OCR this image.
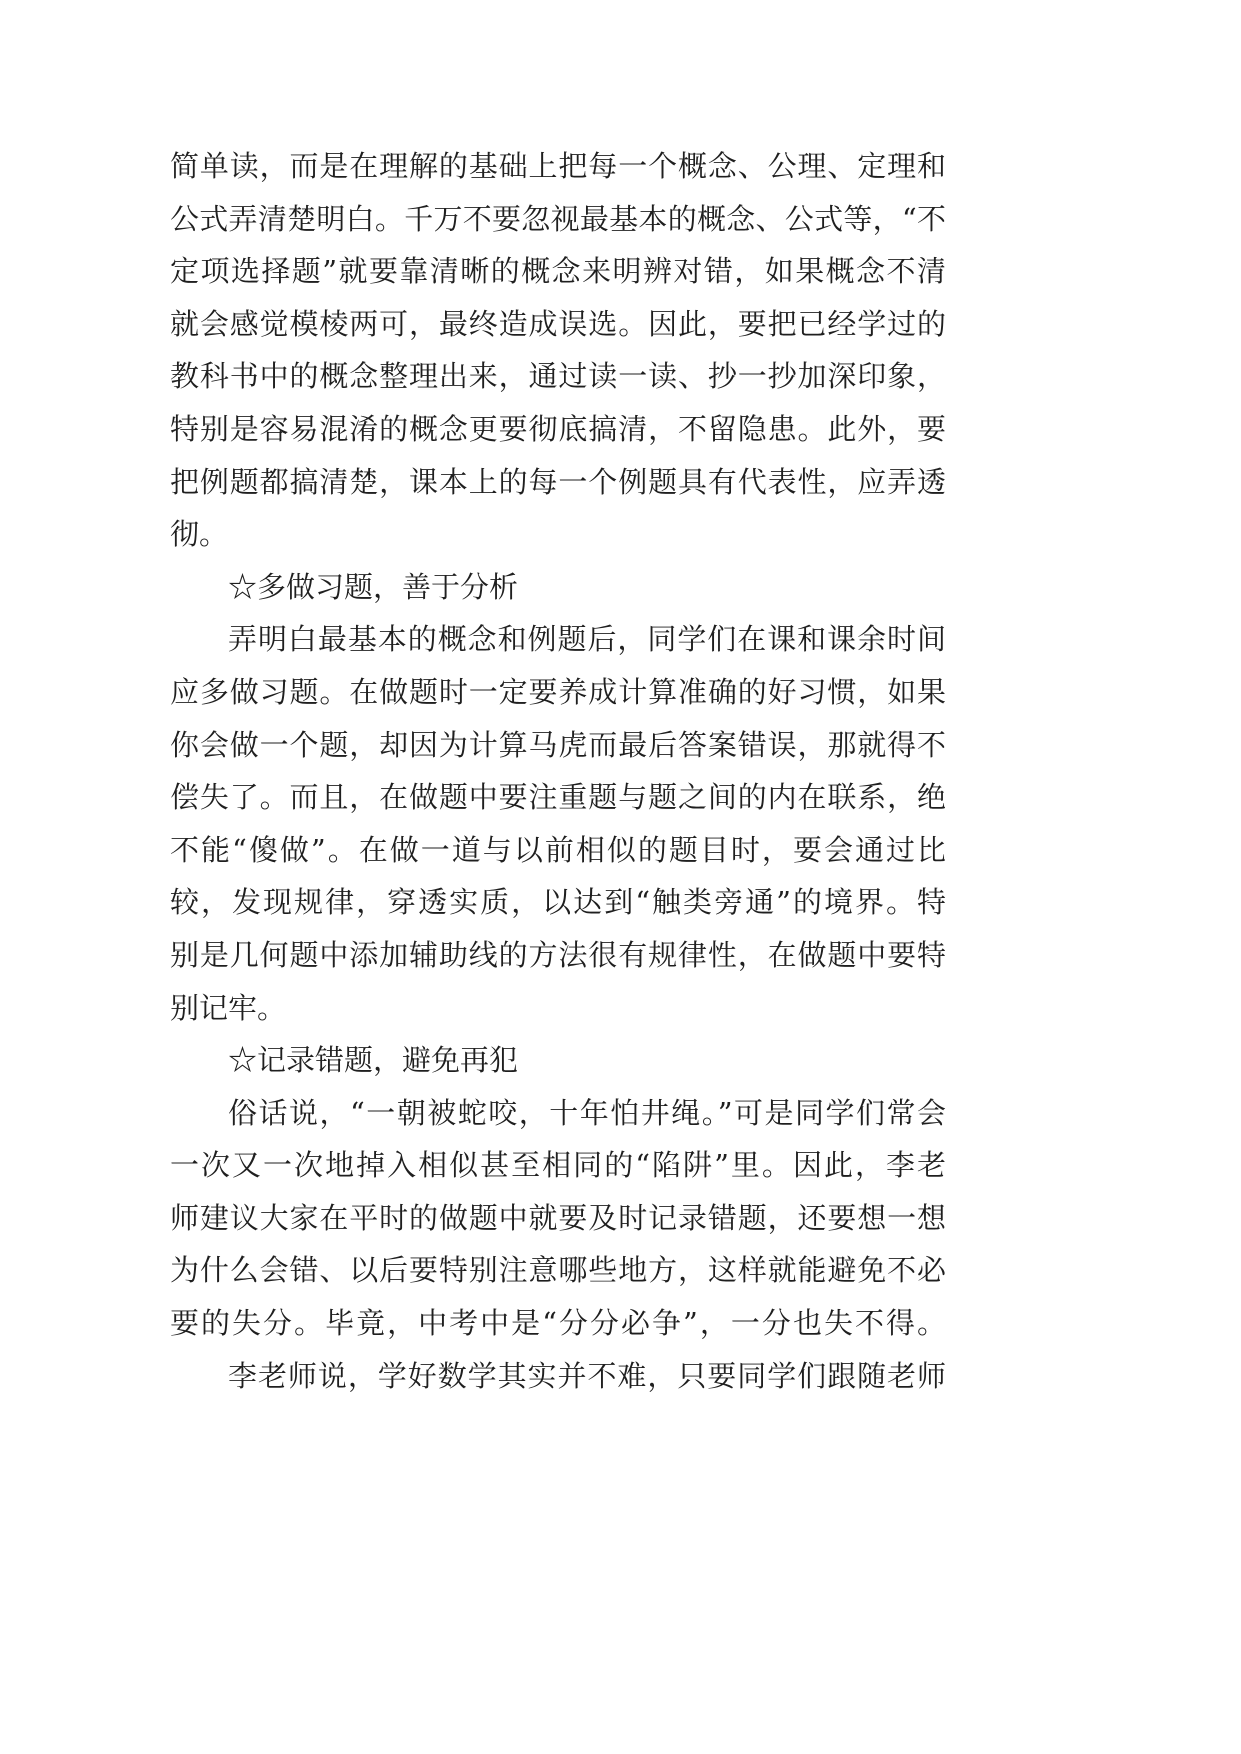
简单读，而是在理解的基础上把每一个概念、公理、定理和
公式弄清楚明白。千万不要忽视最基本的概念、公式等，“不
定项选择题”就要靠清晰的概念来明辨对错，如果概念不清
就会感觉模棱两可，最终造成误选。因此，要把已经学过的
教科书中的概念整理出来，通过读一读、抄一抄加深印象，
特别是容易混淆的概念更要彻底搞清，不留隐患。此外，要
把例题都搞清楚，课本上的每一个例题具有代表性，应弄透
彻。
☆多做习题，善于分析
弄明白最基本的概念和例题后，同学们在课和课余时间
应多做习题。在做题时一定要养成计算准确的好习惯，如果
你会做一个题，却因为计算马虎而最后答案错误，那就得不
偿失了。而且，在做题中要注重题与题之间的内在联系，绝
不能“傻做”。在做一道与以前相似的题目时，要会通过比
较，发现规律，穿透实质，以达到“触类旁通”的境界。特
别是几何题中添加辅助线的方法很有规律性，在做题中要特
别记牢。
☆记录错题，避免再犯
俗话说，“一朝被蛇咬，十年怕井绳。”可是同学们常会
一次又一次地掉入相似甚至相同的“陷阱”里。因此，李老
师建议大家在平时的做题中就要及时记录错题，还要想一想
为什么会错、以后要特别注意哪些地方，这样就能避免不必
要的失分。毕竟，中考中是“分分必争”，一分也失不得。
李老师说，学好数学其实并不难，只要同学们跟随老师
